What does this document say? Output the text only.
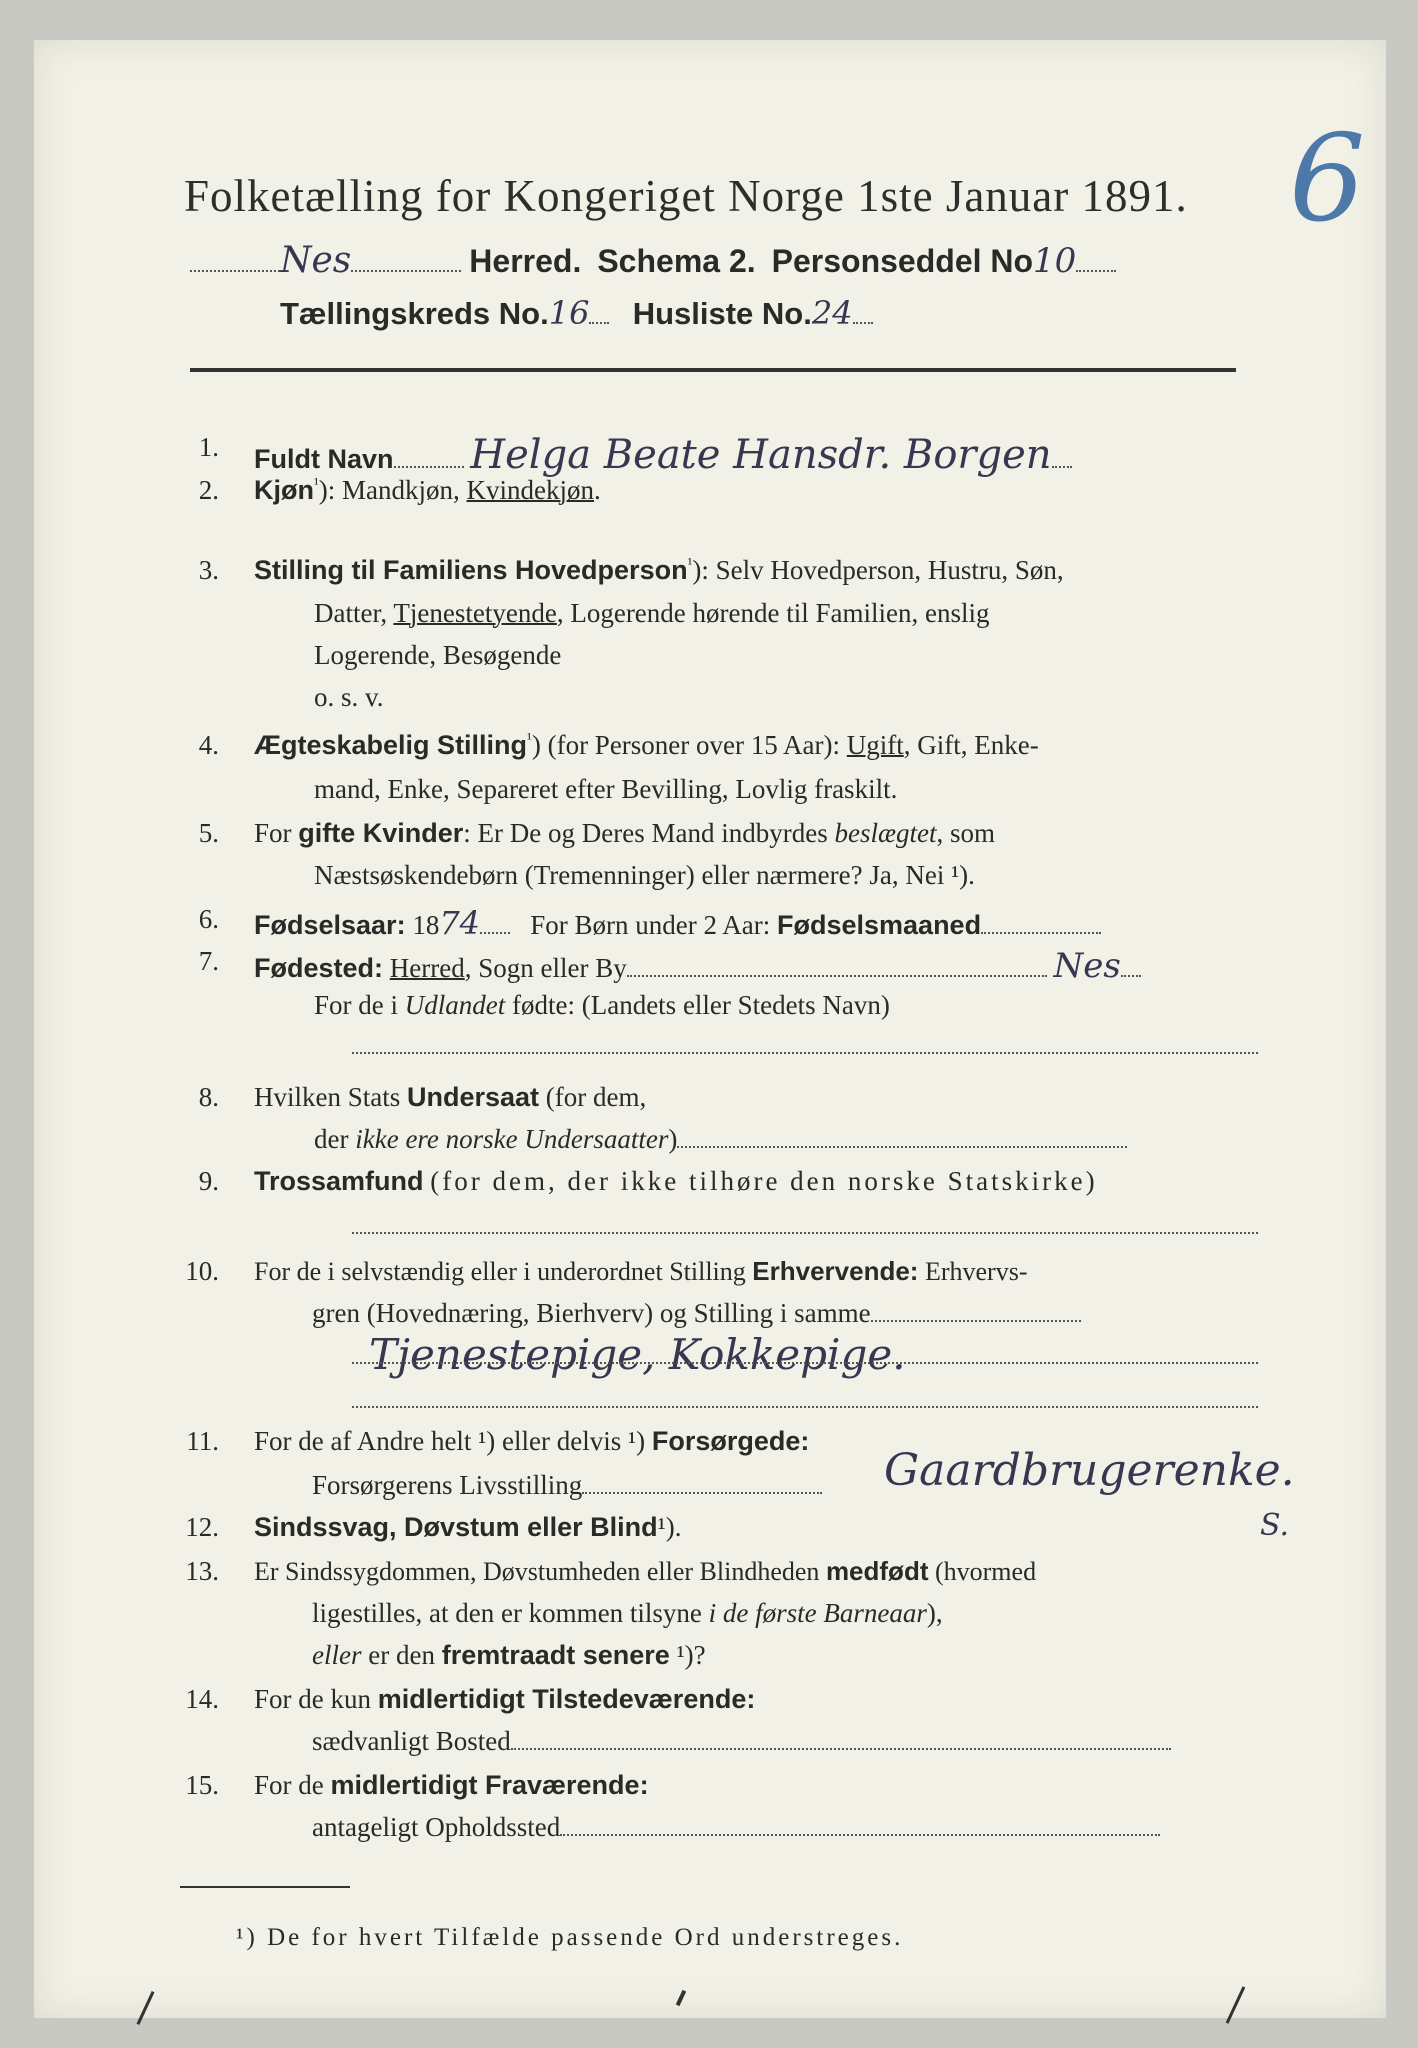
Folketælling for Kongeriget Norge 1ste Januar 1891. 6
Nes	Herred. Schema 2. Personseddel No10
Tællingskreds No.16 Husliste No.24
1. Fuldt Navn Helga Beate Hansdr. Borgen
2. Kjøn$^{^1}$): Mandkjøn, Kvindekjøn.
3. Stilling til Familiens Hovedperson$^{^1}$): Selv Hovedperson, Hustru, Søn,
Datter, Tjenestetyende, Logerende hørende til Familien, enslig
Logerende, Besøgende
o. s. v.
4. Ægteskabelig Stilling$^{^1}$) (for Personer over 15 Aar): Ugift, Gift, Enke-
mand, Enke, Separeret efter Bevilling, Lovlig fraskilt.
5. For gifte Kvinder: Er De og Deres Mand indbyrdes beslægtet, som
Næstsøskendebørn (Tremenninger) eller nærmere? Ja, Nei ¹).
6. Fødselsaar: 1874 For Børn under 2 Aar: Fødselsmaaned
7. Fødested: Herred, Sogn eller By	Nes
For de i Udlandet fødte: (Landets eller Stedets Navn)
8. Hvilken Stats Undersaat (for dem,
der ikke ere norske Undersaatter)
9. Trossamfund (for dem, der ikke tilhøre den norske Statskirke)
10. For de i selvstændig eller i underordnet Stilling Erhvervende: Erhvervs-
gren (Hovednæring, Bierhverv) og Stilling i samme
Tjenestepige, Kokkepige.
11. For de af Andre helt ¹) eller delvis ¹) Forsørgede:
Forsørgerens Livsstilling	Gaardbrugerenke.
12. Sindssvag, Døvstum eller Blind¹).	S.
13. Er Sindssygdommen, Døvstumheden eller Blindheden medfødt (hvormed
ligestilles, at den er kommen tilsyne i de første Barneaar),
eller er den fremtraadt senere ¹)?
14. For de kun midlertidigt Tilstedeværende:
sædvanligt Bosted
15. For de midlertidigt Fraværende:
antageligt Opholdssted
¹) De for hvert Tilfælde passende Ord understreges.
